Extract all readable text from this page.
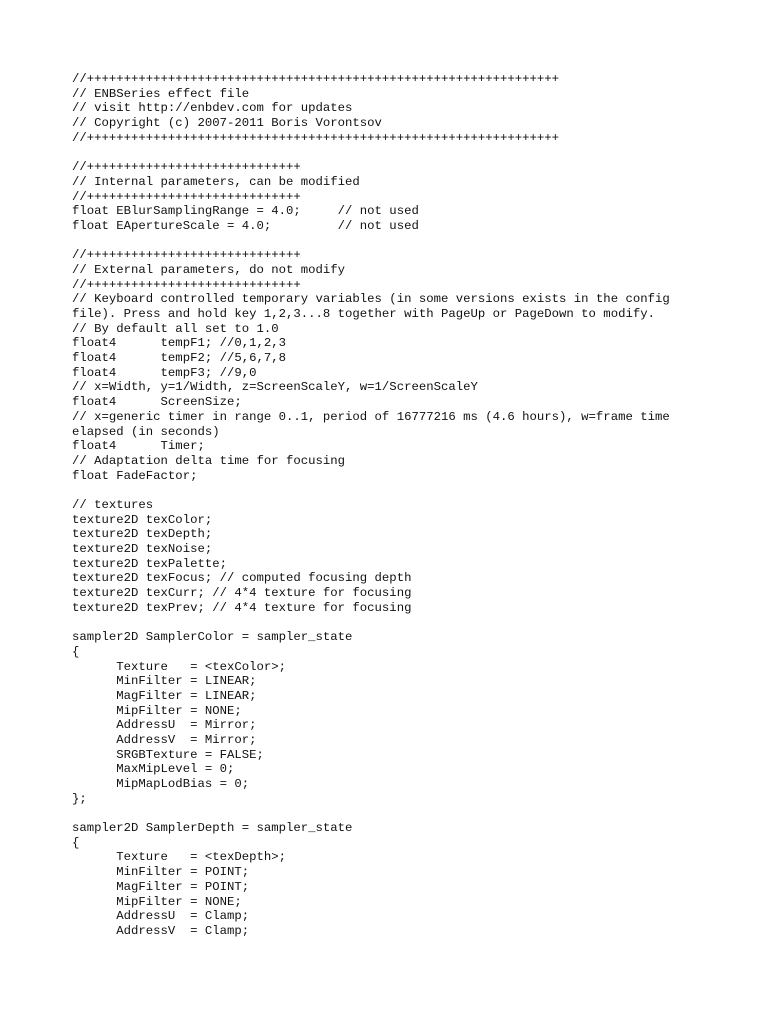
//++++++++++++++++++++++++++++++++++++++++++++++++++++++++++++++++
// ENBSeries effect file
// visit http://enbdev.com for updates
// Copyright (c) 2007-2011 Boris Vorontsov
//++++++++++++++++++++++++++++++++++++++++++++++++++++++++++++++++
//+++++++++++++++++++++++++++++
// Internal parameters, can be modified
//+++++++++++++++++++++++++++++
float EBlurSamplingRange = 4.0;     // not used
float EApertureScale = 4.0;         // not used
//+++++++++++++++++++++++++++++
// External parameters, do not modify
//+++++++++++++++++++++++++++++
// Keyboard controlled temporary variables (in some versions exists in the config
file). Press and hold key 1,2,3...8 together with PageUp or PageDown to modify.
// By default all set to 1.0
float4      tempF1; //0,1,2,3
float4      tempF2; //5,6,7,8
float4      tempF3; //9,0
// x=Width, y=1/Width, z=ScreenScaleY, w=1/ScreenScaleY
float4      ScreenSize;
// x=generic timer in range 0..1, period of 16777216 ms (4.6 hours), w=frame time
elapsed (in seconds)
float4      Timer;
// Adaptation delta time for focusing
float FadeFactor;
// textures
texture2D texColor;
texture2D texDepth;
texture2D texNoise;
texture2D texPalette;
texture2D texFocus; // computed focusing depth
texture2D texCurr; // 4*4 texture for focusing
texture2D texPrev; // 4*4 texture for focusing
sampler2D SamplerColor = sampler_state
{
Texture   = <texColor>;
MinFilter = LINEAR;
MagFilter = LINEAR;
MipFilter = NONE;
AddressU  = Mirror;
AddressV  = Mirror;
SRGBTexture = FALSE;
MaxMipLevel = 0;
MipMapLodBias = 0;
};
sampler2D SamplerDepth = sampler_state
{
Texture   = <texDepth>;
MinFilter = POINT;
MagFilter = POINT;
MipFilter = NONE;
AddressU  = Clamp;
AddressV  = Clamp;
